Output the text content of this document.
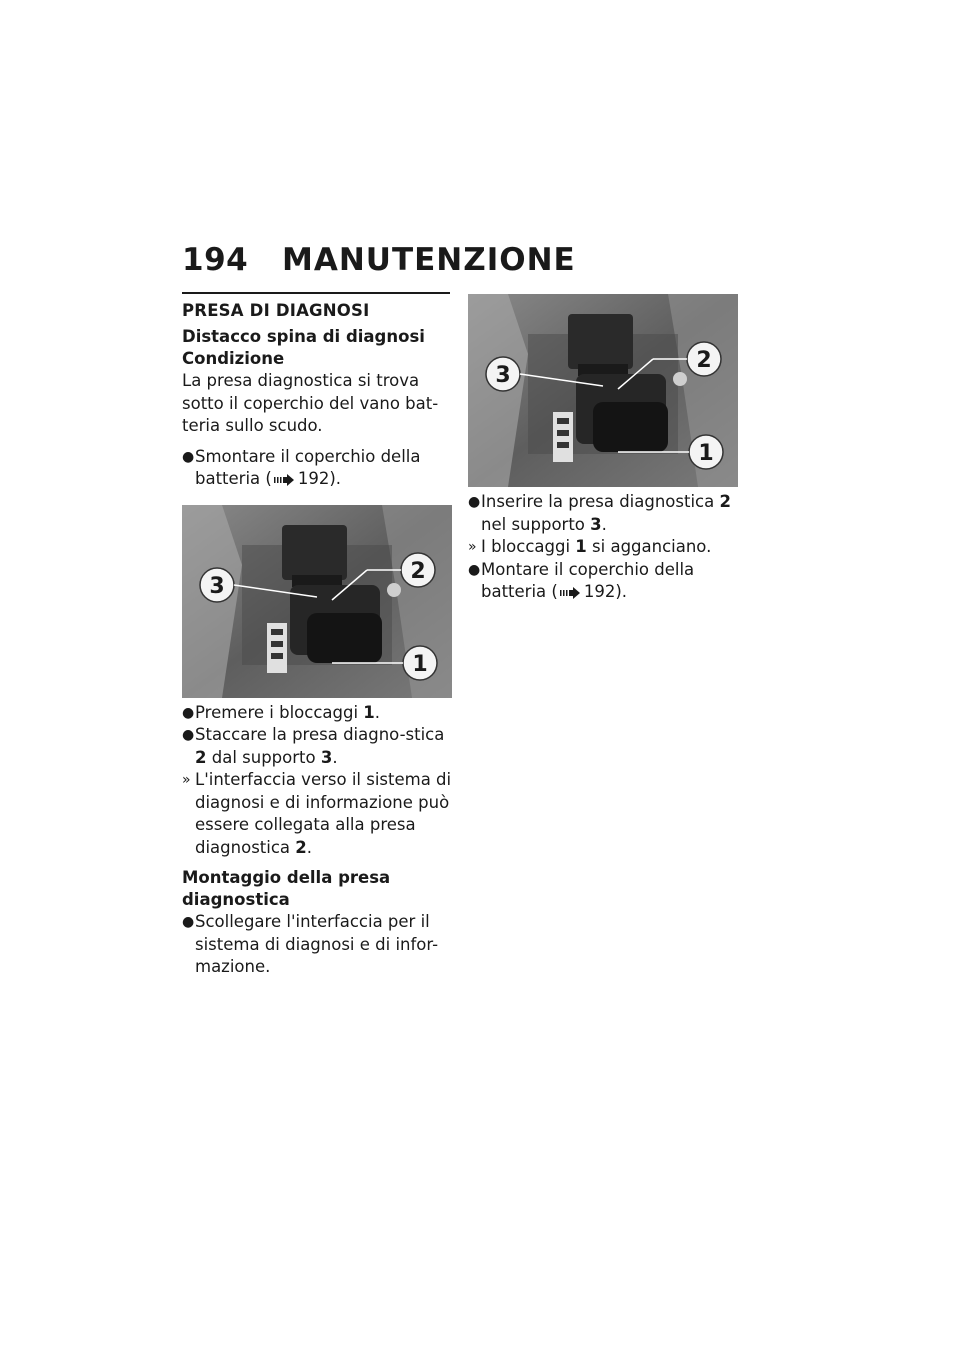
194	MANUTENZIONE
PRESA DI DIAGNOSI
Distacco spina di diagnosi
Condizione
La presa diagnostica si trova sotto il coperchio del vano bat-teria sullo scudo.
● Smontare il coperchio della batteria ( 192).
3
2
1
● Premere i bloccaggi 1.
● Staccare la presa diagno-stica 2 dal supporto 3.
» L'interfaccia verso il sistema di diagnosi e di informazione può essere collegata alla presa diagnostica 2.
Montaggio della presa diagnostica
● Scollegare l'interfaccia per il sistema di diagnosi e di infor-mazione.
3
2
1
● Inserire la presa diagnostica 2 nel supporto 3.
» I bloccaggi 1 si agganciano.
● Montare il coperchio della batteria ( 192).
